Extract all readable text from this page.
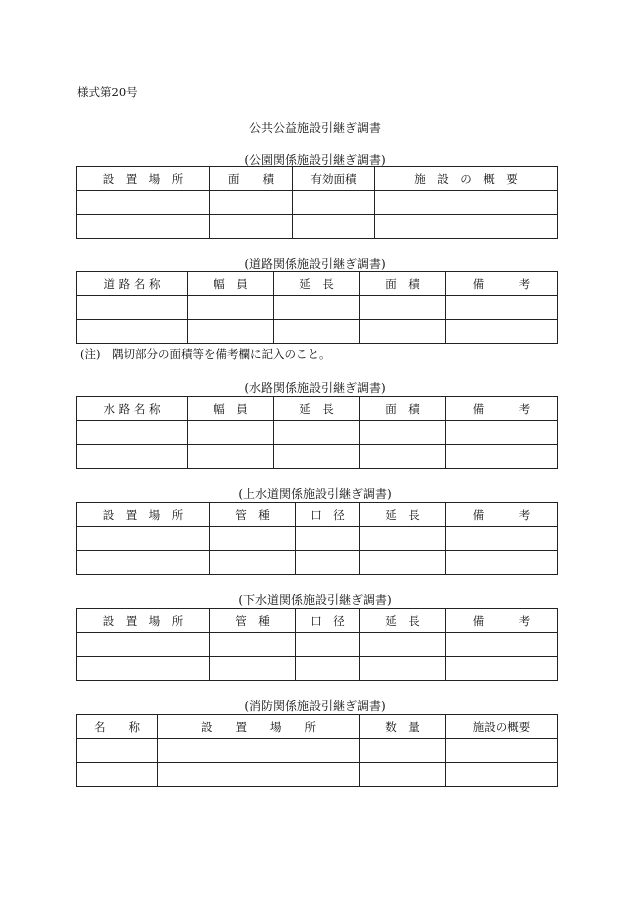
様式第20号
公共公益施設引継ぎ調書
(公園関係施設引継ぎ調書)
設　置　場　所	面　　積	有効面積	施　設　の　概　要

(道路関係施設引継ぎ調書)
道 路 名 称	幅　員	延　長	面　積	備　　　考

(注)　隅切部分の面積等を備考欄に記入のこと。
(水路関係施設引継ぎ調書)
水 路 名 称	幅　員	延　長	面　積	備　　　考

(上水道関係施設引継ぎ調書)
設　置　場　所	管　種	口　径	延　長	備　　　考

(下水道関係施設引継ぎ調書)
設　置　場　所	管　種	口　径	延　長	備　　　考

(消防関係施設引継ぎ調書)
名　　称	設　　置　　場　　所	数　量	施設の概要
